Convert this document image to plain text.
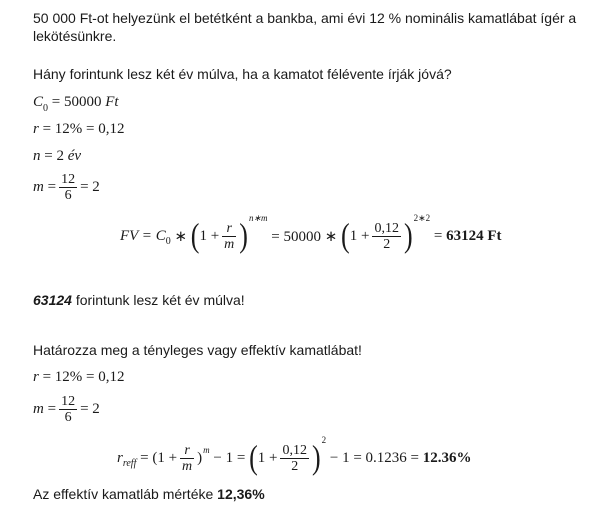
50 000 Ft-ot helyezünk el betétként a bankba, ami évi 12 % nominális kamatlábat ígér a

lekötésünkre.

Hány forintunk lesz két év múlva, ha a kamatot félévente írják jóvá?

$C_0 = 50000$ Ft
r = 12% = 0,12
n = 2 év
m
= $\frac{12}{6} = 2$
FV =
C 0
∗
( $1 + \frac{r}{m}$ ) n∗m

= 50000 ∗
( $1 + \frac{0,12}{2}$ ) 2∗2

=
63124 Ft

63124 forintunk lesz két év múlva!

Határozza meg a tényleges vagy effektív kamatlábat!

r = 12% = 0,12
m
= $\frac{12}{6} = 2$
r reff
= ($1 + \frac{r}{m}$ ) m
− 1 =
( $1 + \frac{0,12}{2}$ ) 2

− 1 = 0.1236 =
12.36%

Az effektív kamatláb mértéke 12,36%
